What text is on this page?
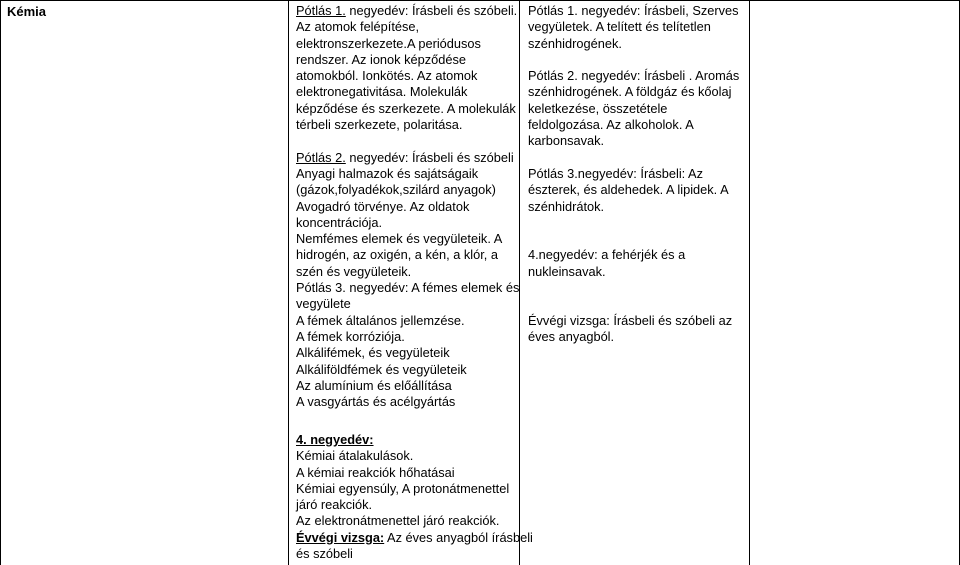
Kémia	Pótlás 1. negyedév: Írásbeli és szóbeli.
Az atomok felépítése,
elektronszerkezete.A periódusos
rendszer. Az ionok képződése
atomokból. Ionkötés. Az atomok
elektronegativitása. Molekulák
képződése és szerkezete. A molekulák
térbeli szerkezete, polaritása.
Pótlás 2. negyedév: Írásbeli és szóbeli
Anyagi halmazok és sajátságaik
(gázok,folyadékok,szilárd anyagok)
Avogadró törvénye. Az oldatok
koncentrációja.
Nemfémes elemek és vegyületeik. A
hidrogén, az oxigén, a kén, a klór, a
szén és vegyületeik.
Pótlás 3. negyedév: A fémes elemek és
vegyülete
A fémek általános jellemzése.
A fémek korróziója.
Alkálifémek, és vegyületeik
Alkáliföldfémek és vegyületeik
Az alumínium és előállítása
A vasgyártás és acélgyártás
4. negyedév:
Kémiai átalakulások.
A kémiai reakciók hőhatásai
Kémiai egyensúly, A protonátmenettel
járó reakciók.
Az elektronátmenettel járó reakciók.
Évvégi vizsga: Az éves anyagból írásbeli
és szóbeli
Pótlás 1. negyedév: Írásbeli, Szerves
vegyületek. A telített és telítetlen
szénhidrogének.
Pótlás 2. negyedév: Írásbeli . Aromás
szénhidrogének. A földgáz és kőolaj
keletkezése, összetétele
feldolgozása. Az alkoholok. A
karbonsavak.
Pótlás 3.negyedév: Írásbeli: Az
észterek, és aldehedek. A lipidek. A
szénhidrátok.
4.negyedév: a fehérjék és a
nukleinsavak.
Évvégi vizsga: Írásbeli és szóbeli az
éves anyagból.
